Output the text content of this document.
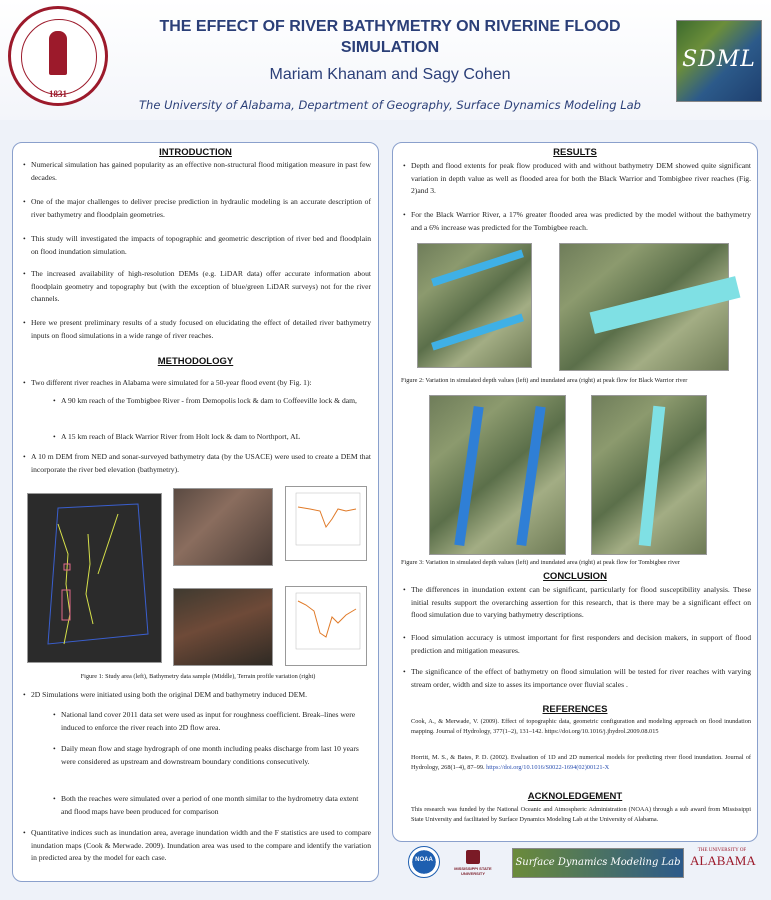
1831
THE EFFECT OF RIVER BATHYMETRY ON RIVERINE FLOOD
SIMULATION
Mariam Khanam and Sagy Cohen
The University of Alabama, Department of Geography, Surface Dynamics Modeling Lab
SDML
INTRODUCTION
• Numerical simulation has gained popularity as an effective non-structural flood mitigation measure in past few decades.
• One of the major challenges to deliver precise prediction in hydraulic modeling is an accurate description of river bathymetry and floodplain geometries.
• This study will investigated the impacts of topographic and geometric description of river bed and floodplain on flood inundation simulation.
• The increased availability of high-resolution DEMs (e.g. LiDAR data) offer accurate information about floodplain geometry and topography but (with the exception of blue/green LiDAR surveys) not for the river channels.
• Here we present preliminary results of a study focused on elucidating the effect of detailed river bathymetry inputs on flood simulations in a wide range of river reaches.
METHODOLOGY
• Two different river reaches in Alabama were simulated for a 50-year flood event (by Fig. 1):
• A 90 km reach of the Tombigbee River - from Demopolis lock & dam to Coffeeville lock & dam,
• A 15 km reach of Black Warrior River from Holt lock & dam to Northport, AL
• A 10 m DEM from NED and sonar-surveyed bathymetry data (by the USACE) were used to create a DEM that incorporate the river bed elevation (bathymetry).
Figure 1: Study area (left), Bathymetry data sample (Middle), Terrain profile variation (right)
• 2D Simulations were initiated using both the original DEM and bathymetry induced DEM.
• National land cover 2011 data set were used as input for roughness coefficient. Break–lines were induced to enforce the river reach into 2D flow area.
• Daily mean flow and stage hydrograph of one month including peaks discharge from last 10 years were considered as upstream and downstream boundary conditions consecutively.
• Both the reaches were simulated over a period of one month similar to the hydrometry data extent and flood maps have been produced for comparison
• Quantitative indices such as inundation area, average inundation width and the F statistics are used to compare inundation maps (Cook & Merwade. 2009). Inundation area was used to the compare and identify the variation in predicted area by the model for each case.
RESULTS
• Depth and flood extents for peak flow produced with and without bathymetry DEM showed quite significant variation in depth value as well as flooded area for both the Black Warrior and Tombigbee river reaches (Fig. 2)and 3.
• For the Black Warrior River, a 17% greater flooded area was predicted by the model without the bathymetry and a 6% increase was predicted for the Tombigbee reach.
Figure 2: Variation in simulated depth values (left) and inundated area (right) at peak flow for Black Warrior river
Figure 3: Variation in simulated depth values (left) and inundated area (right) at peak flow for Tombigbee river
CONCLUSION
• The differences in inundation extent can be significant, particularly for flood susceptibility analysis. These initial results support the overarching assertion for this research, that is there may be a significant effect on flood simulation due to varying bathymetry descriptions.
• Flood simulation accuracy is utmost important for first responders and decision makers, in support of flood prediction and mitigation measures.
• The significance of the effect of bathymetry on flood simulation will be tested for river reaches with varying stream order, width and size to asses its importance over fluvial scales .
REFERENCES
Cook, A., & Merwade, V. (2009). Effect of topographic data, geometric configuration and modeling approach on flood inundation mapping. Journal of Hydrology, 377(1–2), 131–142. https://doi.org/10.1016/j.jhydrol.2009.08.015
Horritt, M. S., & Bates, P. D. (2002). Evaluation of 1D and 2D numerical models for predicting river flood inundation. Journal of Hydrology, 268(1–4), 87–99. https://doi.org/10.1016/S0022-1694(02)00121-X
ACKNOLEDGEMENT
This research was funded by the National Oceanic and Atmospheric Administration (NOAA) through a sub award from Mississippi State University and facilitated by Surface Dynamics Modeling Lab at the University of Alabama.
NOAA
MISSISSIPPI STATE UNIVERSITY
Surface Dynamics Modeling Lab
THE UNIVERSITY OF
ALABAMA
